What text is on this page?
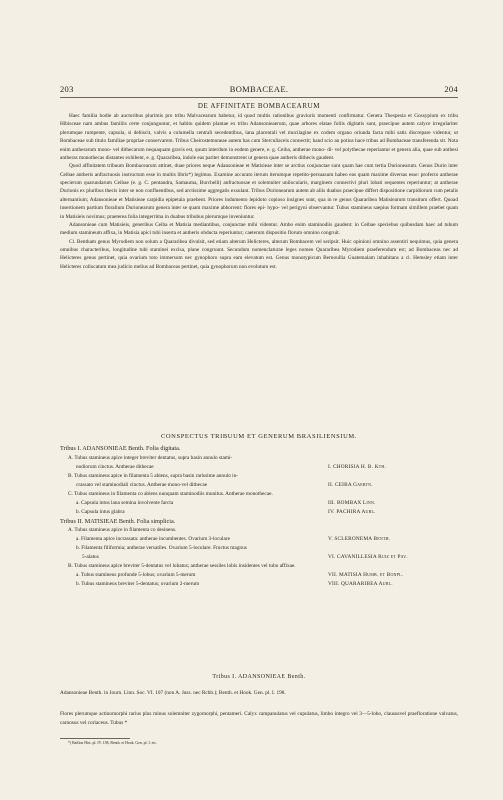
203	BOMBACEAE.	204
DE AFFINITATE BOMBACEARUM

Haec familia hodie ab auctoribus plurimis pro tribu Malvacearum habetur, id quod multis rationibus gravioris momenti confirmatur. Genera Thespesia et Gossypium ex tribu Hibisceae nam ambus familiis certe conjunguntur, et habitu quidem plantae ex tribu Adansonieaerum, quae arbores elatae foliis digitatis sunt, praecipue autem calyce irregulariter plerumque rumpente, capsula, si dehiscit, valvis a columella centrali secedentibus, lana placentali vel mucilagine ex codem organo oriunda facta mihi satis discrepare videntur, ut Bombaceae sub titulo familiae propriae conservarem. Tribus Cheirostemoneae autem has cum Sterculiaceis connectit; hand scio an potius hace tribus ad Bombaceae transferenda sit. Nota enim antherarum mono- vel dithecarum nequaquam gravis est, quum interdum in eodem genere, e. g. Ceiba, antherae mono- di- vel polythecae reperiantur et genera alia, quae sub anthesi antheras monothecas distantes exhibent, e. g. Quararibea, indole eas pariter demonstrent ut genera quae antheris dithecis gaudent.

Quod affinitatem tribuum Bombacearum attinet, duae priores neque Adansonieae et Matisieae inter se arctius conjunctae sunt quam hae cum tertia Durionearum. Genus Durio inter Ceibae antheris anfractuosis instructum esse in multis libris*) legimus. Examine accurato iterum iterumque repetito-persuasum habeo eas quam maxime diversas esse: profecto antherae specierum quarundarum Ceibae (e. g. C. pentandra, Samauma, Burchelli) anfractuosae et solemniter unilocularis, marginem connectivi pluri lobati sequentes reperiuntur; at antherae Durionis ex pluribus thecis inter se non confluentibus, sed arctissime aggregatis exsulant. Tribus Durionearum autem ab aliis duabus praecipue differt dispositione carpidiorum cum petalis alternantium; Adansonieae et Matisieae carpidia epipetala praebent. Priores indumento lepidoto copioso insignes sunt, qua in re genus Quararibea Matisiearum transitum offert. Quoad insertionem partium floralium Durionearum genera inter se quam maxime abhorrent: flores epi- hypo- vel perigyni observantur. Tubus stamineus saepius formam simillem praebet quam in Matisieis novimus; praeterea folia integerrima in duabus tribubus plerumque inveniuntur.

Adansonieae cum Matisieis, generibus Ceiba et Matisia mediantibus, conjunctae mihi videntur. Ambo enim staminodiis gaudent: in Ceibae speciebus quibusdam haec ad tubum medium stamineum affixa, in Matisia apici tubi inserta et antheris obducta reperiuntur; caeterum dispositio florum omnino congruit.

Cl. Bentham genus Myrodiem non solum a Quararibea divulsit, sed etiam alterum Helicteres, alterum Bombacem vel seripsit. Huic opinioni omnino assentiri nequimus, quia genera omnibus characteribus, longitudine tubi staminei excisa, plane congruunt. Secundum nomenclaturae leges nomen Quararibea Myrodiem praeferendum est; ad Bombaceas nec ad Helicteres genus pertinet, quia ovarium toto immersum nec gynophoro supra eam elevatum est. Genus monotypicum Bernoullia Guatemalam inhabitans a cl. Hemsley etiam inter Helicteres collocatum mea judicio melius ad Bombaceas pertinet, quia gynophorum non evolutum est.

CONSPECTUS TRIBUUM ET GENERUM BRASILIENSIUM.
Tribus I. ADANSONIEAE Benth. Folia digitata.
A. Tubus stamineus apice integer breviter dentatus, supra basin annulo stami-
nodiorum cinctus. Antherae dithecae	I. CHORISIA H. B. Kth.
B. Tubus stamineus apice in filamenta 5 abiens, supra basin rarissime annulo in-
crassato vel staminodiali cinctus. Antherae mono-vel dithecae	II. CEIBA Gaertn.
C. Tubus stamineus in filamenta co abiens nunquam staminodiis munitus. Antherae monothecae.
a. Capsula intus lana semina involvente farcta	III. BOMBAX Linn.
b. Capsula intus glabra	IV. PACHIRA Aubl.
Tribus II. MATISIEAE Benth. Folia simplicia.
A. Tubus stamineus apice in filamenta co desinens.
a. Filamenta apice incrassata: antherae incumbentes. Ovarium 3-loculare	V. SCLERONEMA Benth.
b. Filamenta filiformia; antherae versatiles. Ovarium 5-loculare. Fructus magnus
5-alatus	VI. CAVANILLESIA Ruiz et Pav.
B. Tubus stamineus apice breviter 5-dentatus vel lobatus; antherae sessiles lobis insidentes vel tubo affixae.
a. Tubus stamineus profunde 5-lobus; ovarium 5-merum	VII. MATISIA Humb. et Bonpl.
b. Tubus stamineus breviter 5-dentatus; ovarium 2-merum	VIII. QUARARIBEA Aubl.
Tribus I. ADANSONIEAE Benth.
Adansonieae Benth. in Journ. Linn. Soc. VI. 107 (non A. Juss. nec Rchb.); Benth. et Hook. Gen. pl. I. 198.
Flores plerumque actinomorphi rarius plus minus solemniter zygomorphi, pentameri. Calyx campanulatus vel cupulatus, limbo integro vel 3—5-lobo, claususvel praefloratione valvatus, carnosus vel coriaceus. Tubus *
*) Baillon Hist. pl. IV. 158; Benth. et Hook. Gen. pl. I. etc.
